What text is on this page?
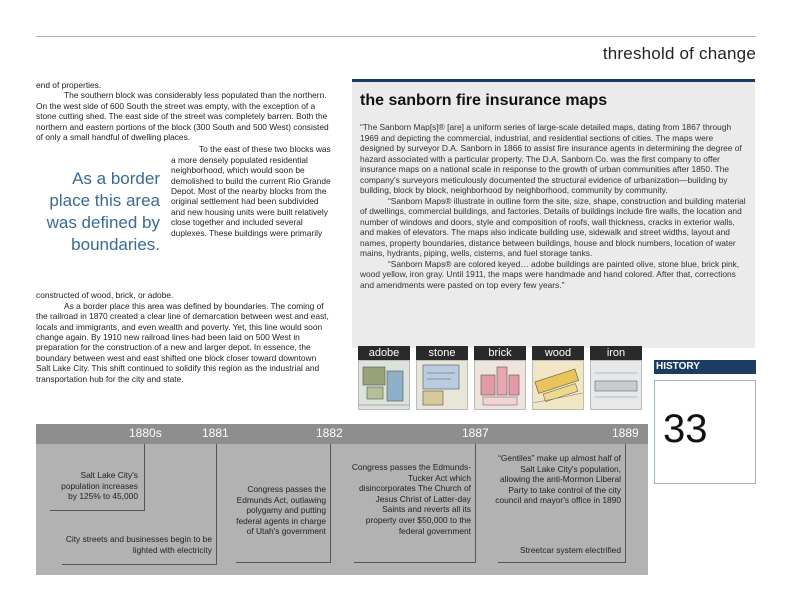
threshold of change

end of properties.

The southern block was considerably less populated than the northern. On the west side of 600 South the street was empty, with the exception of a stone cutting shed. The east side of the street was completely barren. Both the northern and eastern portions of the block (300 South and 500 West) consisted of only a small handful of dwelling places.

As a border place this area was defined by boundaries.

To the east of these two blocks was a more densely populated residential neighborhood, which would soon be demolished to build the current Rio Grande Depot. Most of the nearby blocks from the original settlement had been subdivided and new housing units were built relatively close together and included several duplexes. These buildings were primarily

constructed of wood, brick, or adobe.

As a border place this area was defined by boundaries. The coming of the railroad in 1870 created a clear line of demarcation between west and east, locals and immigrants, and even wealth and poverty. Yet, this line would soon change again. By 1910 new railroad lines had been laid on 500 West in preparation for the construction of a new and larger depot. In essence, the boundary between west and east shifted one block closer toward downtown Salt Lake City. This shift continued to solidify this region as the industrial and transportation hub for the city and state.

the sanborn fire insurance maps

“The Sanborn Map[s]® [are] a uniform series of large-scale detailed maps, dating from 1867 through 1969 and depicting the commercial, industrial, and residential sections of cities. The maps were designed by surveyor D.A. Sanborn in 1866 to assist fire insurance agents in determining the degree of hazard associated with a particular property. The D.A. Sanborn Co. was the first company to offer insurance maps on a national scale in response to the growth of urban communities after 1850. The company's surveyors meticulously documented the structural evidence of urbanization—building by building, block by block, neighborhood by neighborhood, community by community.

“Sanborn Maps® illustrate in outline form the site, size, shape, construction and building material of dwellings, commercial buildings, and factories. Details of buildings include fire walls, the location and number of windows and doors, style and composition of roofs, wall thickness, cracks in exterior walls, and makes of elevators. The maps also indicate building use, sidewalk and street widths, layout and names, property boundaries, distance between buildings, house and block numbers, location of water mains, hydrants, piping, wells, cisterns, and fuel storage tanks.

“Sanborn Maps® are colored keyed… adobe buildings are painted olive, stone blue, brick pink, wood yellow, iron gray. Until 1911, the maps were handmade and hand colored. After that, corrections and amendments were pasted on top every few years.”

adobe	stone	brick	wood	iron
HISTORY
33
1880s	1881	1882	1887	1889
Salt Lake City's population increases by 125% to 45,000
City streets and businesses begin to be lighted with electricity
Congress passes the Edmunds Act, outlawing polygamy and putting federal agents in charge of Utah's government
Congress passes the Edmunds-Tucker Act which disincorporates The Church of Jesus Christ of Latter-day Saints and reverts all its property over $50,000 to the federal government
“Gentiles” make up almost half of Salt Lake City's population, allowing the anti-Mormon Liberal Party to take control of the city council and mayor's office in 1890
Streetcar system electrified
